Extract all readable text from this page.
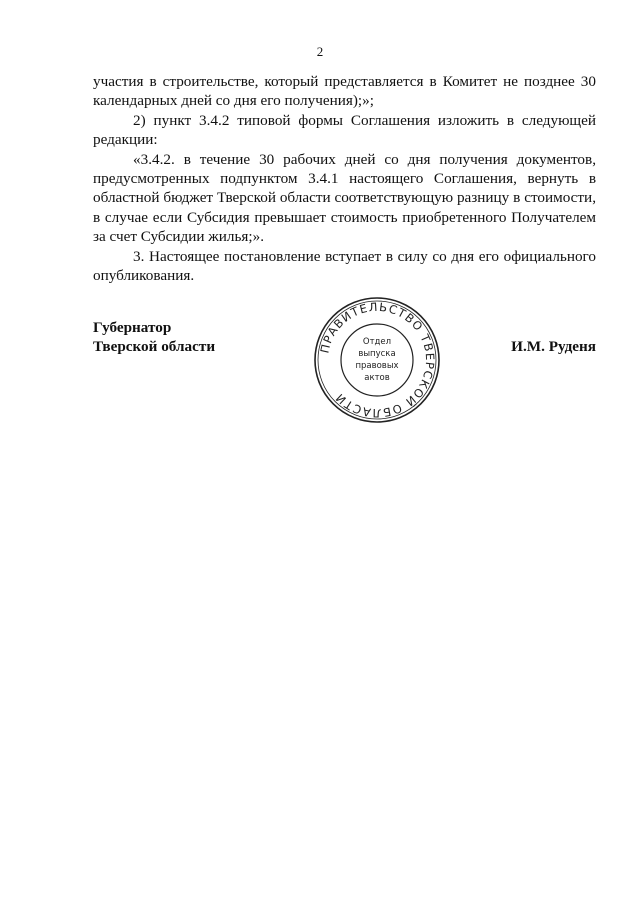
2

участия в строительстве, который представляется в Комитет не позднее 30 календарных дней со дня его получения);»;

2) пункт 3.4.2 типовой формы Соглашения изложить в следующей редакции:

«3.4.2. в течение 30 рабочих дней со дня получения документов, предусмотренных подпунктом 3.4.1 настоящего Соглашения, вернуть в областной бюджет Тверской области соответствующую разницу в стоимости, в случае если Субсидия превышает стоимость приобретенного Получателем за счет Субсидии жилья;».

3. Настоящее постановление вступает в силу со дня его официального опубликования.

Губернатор
Тверской области	И.М. Руденя
ПРАВИТЕЛЬСТВО ТВЕРСКОЙ ОБЛАСТИ
Отдел
выпуска
правовых
актов
